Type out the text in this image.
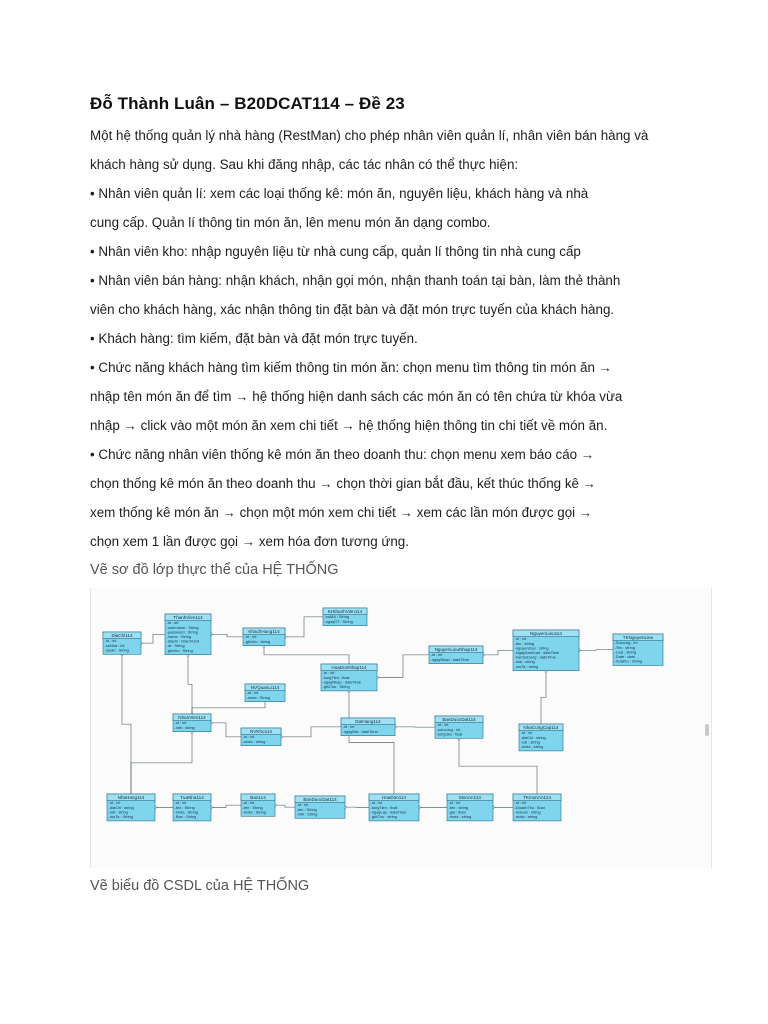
Đỗ Thành Luân – B20DCAT114 – Đề 23

Một hệ thống quản lý nhà hàng (RestMan) cho phép nhân viên quản lí, nhân viên bán hàng và

khách hàng sử dụng. Sau khi đăng nhập, các tác nhân có thể thực hiện:

• Nhân viên quản lí: xem các loại thống kê: món ăn, nguyên liệu, khách hàng và nhà

cung cấp. Quản lí thông tin món ăn, lên menu món ăn dạng combo.

• Nhân viên kho: nhập nguyên liệu từ nhà cung cấp, quản lí thông tin nhà cung cấp

• Nhân viên bán hàng: nhận khách, nhận gọi món, nhận thanh toán tại bàn, làm thẻ thành

viên cho khách hàng, xác nhận thông tin đặt bàn và đặt món trực tuyến của khách hàng.

• Khách hàng: tìm kiếm, đặt bàn và đặt món trực tuyến.

• Chức năng khách hàng tìm kiếm thông tin món ăn: chọn menu tìm thông tin món ăn →

nhập tên món ăn để tìm → hệ thống hiện danh sách các món ăn có tên chứa từ khóa vừa

nhập → click vào một món ăn xem chi tiết → hệ thống hiện thông tin chi tiết về món ăn.

• Chức năng nhân viên thống kê món ăn theo doanh thu: chọn menu xem báo cáo →

chọn thống kê món ăn theo doanh thu → chọn thời gian bắt đầu, kết thúc thống kê →

xem thống kê món ăn → chọn một món xem chi tiết → xem các lần món được gọi →

chọn xem 1 lần được gọi → xem hóa đơn tương ứng.

Vẽ sơ đồ lớp thực thể của HỆ THỐNG
DiaChi114
-id : int
-soNha : int
-Quan : String
ThanhVien114
-id : int
-username : String
-password : String
-name : String
-diachi : DiaChi114
-dt : String
-ghichu : String
KhachHang114
-id : int
-ghichu : string
KHthanhVien114
-soMA : String
-ngayDT : String
NVQuanLi114
-id : int
-mota : String
NhanVien114
-id : int
-vitri : string
NVKho114
-id : int
-mota : string
HoaDonNhap114
-id : int
-tongTien : float
-ngayNhap : dateTime
-ghiChu : String
DatHang114
-id : int
-ngayDat : dateTime
NguyenLieuNhap114
-id : int
-ngayNhap : dateTime
NguyenLieu114
-id : int
-ten : string
-nguyenGoc : string
-NgaySanXuat : dateTime
-hanSuDung : dateTime
-loai : string
-moTa : string
TKNguyenLieu
-Soluong : int
-Ten : string
-Loai : string
-Date : date
-XuatXu : String
BanDuocDat114
-id : int
-soLuong : int
-tongGia : float
NhaCungCap114
-id : int
-diaChi : string
-sdt : string
-mota : string
NhaHang114
-id : int
-diaChi : string
-sdt : string
-moTa : String
TuaNha114
-id : int
-ten : String
-mota : String
-Ban : String
Ban114
-id : int
-ten : String
-mota : String
BanDuocDat114
-id : int
-ten : String
-vitri : String
HoaDon114
-id : int
-tongTien : float
-ngayLap : dateTime
-ghiChu : string
MonAn114
-id : int
-ten : string
-gia : float
-mota : string
TKmonAn114
-id : int
-DoanhThu : float
-monan : string
-mota : string
Vẽ biểu đồ CSDL của HỆ THỐNG
